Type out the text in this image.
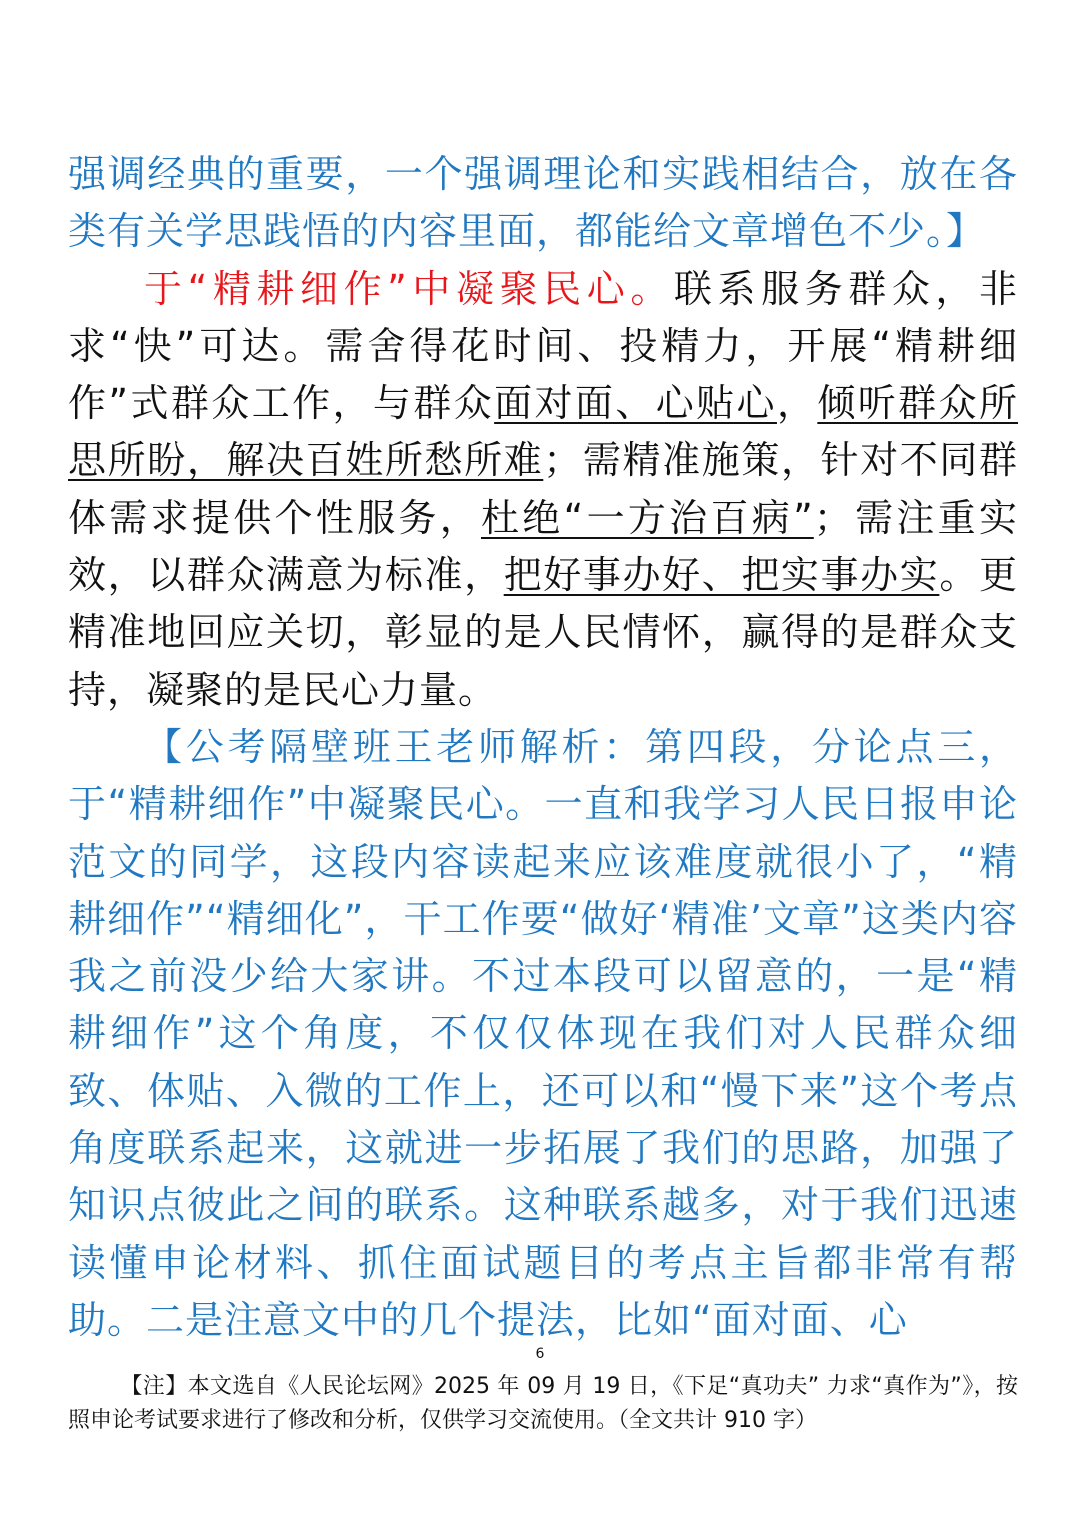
强调经典的重要，一个强调理论和实践相结合，放在各类有关学思践悟的内容里面，都能给文章增色不少。】

于“精耕细作”中凝聚民心。联系服务群众，非求“快”可达。需舍得花时间、投精力，开展“精耕细作”式群众工作，与群众面对面、心贴心，倾听群众所思所盼，解决百姓所愁所难；需精准施策，针对不同群体需求提供个性服务，杜绝“一方治百病”；需注重实效，以群众满意为标准，把好事办好、把实事办实。更精准地回应关切，彰显的是人民情怀，赢得的是群众支持，凝聚的是民心力量。

【公考隔壁班王老师解析：第四段，分论点三，于“精耕细作”中凝聚民心。一直和我学习人民日报申论范文的同学，这段内容读起来应该难度就很小了，“精耕细作”“精细化”，干工作要“做好‘精准’文章”这类内容我之前没少给大家讲。不过本段可以留意的，一是“精耕细作”这个角度，不仅仅体现在我们对人民群众细致、体贴、入微的工作上，还可以和“慢下来”这个考点角度联系起来，这就进一步拓展了我们的思路，加强了知识点彼此之间的联系。这种联系越多，对于我们迅速读懂申论材料、抓住面试题目的考点主旨都非常有帮助。二是注意文中的几个提法，比如“面对面、心

6
【注】本文选自《人民论坛网》2025 年 09 月 19 日，《下足“真功夫” 力求“真作为”》，按照申论考试要求进行了修改和分析，仅供学习交流使用。（全文共计 910 字）
